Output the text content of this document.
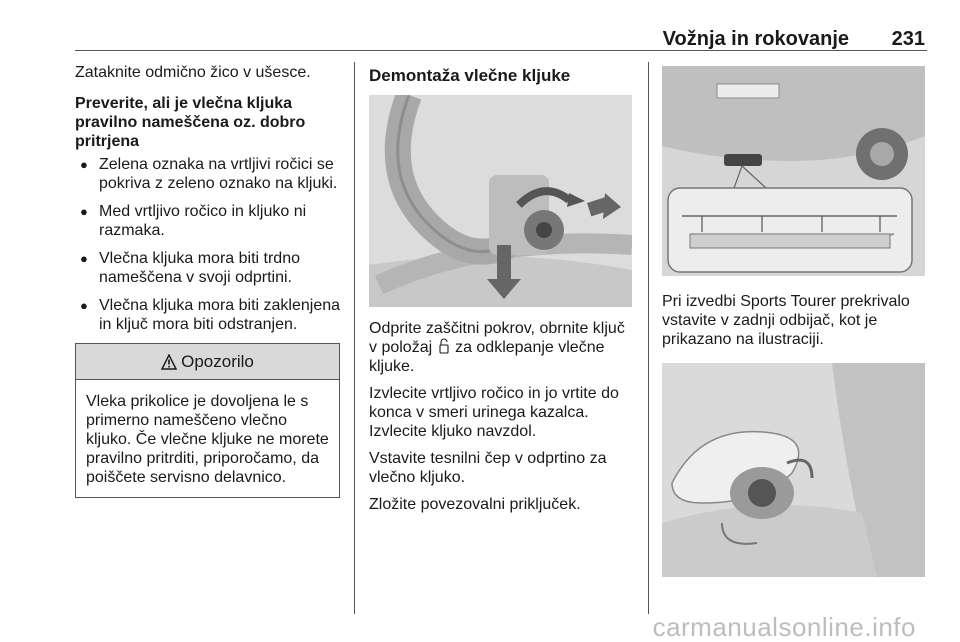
Vožnja in rokovanje 231

Zataknite odmično žico v ušesce.

Preverite, ali je vlečna kljuka pravilno nameščena oz. dobro pritrjena

● Zelena oznaka na vrtljivi ročici se pokriva z zeleno oznako na kljuki.
● Med vrtljivo ročico in kljuko ni razmaka.
● Vlečna kljuka mora biti trdno nameščena v svoji odprtini.
● Vlečna kljuka mora biti zaklenjena in ključ mora biti odstranjen.
Opozorilo
Vleka prikolice je dovoljena le s primerno nameščeno vlečno kljuko. Če vlečne kljuke ne morete pravilno pritrditi, priporočamo, da poiščete servisno delavnico.
Demontaža vlečne kljuke

Odprite zaščitni pokrov, obrnite ključ v položaj za odklepanje vlečne kljuke.

Izvlecite vrtljivo ročico in jo vrtite do konca v smeri urinega kazalca. Izvlecite kljuko navzdol.

Vstavite tesnilni čep v odprtino za vlečno kljuko.

Zložite povezovalni priključek.

Pri izvedbi Sports Tourer prekrivalo vstavite v zadnji odbijač, kot je prikazano na ilustraciji.

carmanualsonline.info
